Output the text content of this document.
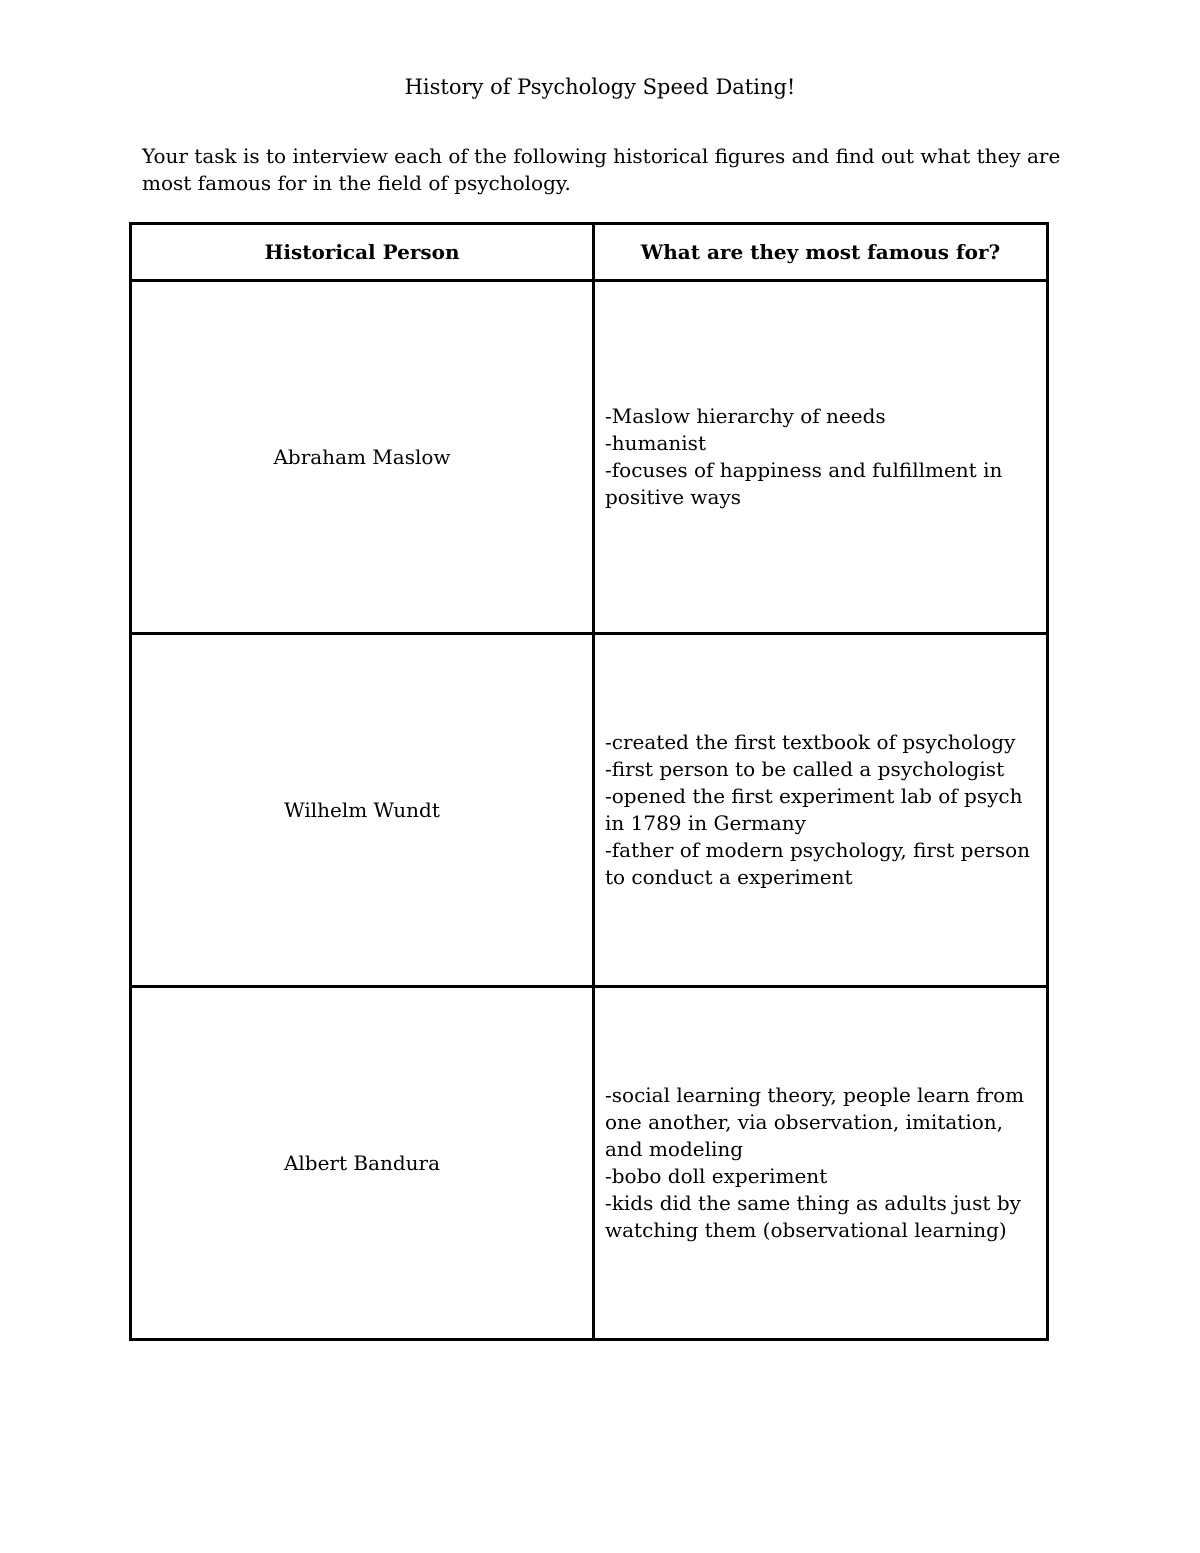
History of Psychology Speed Dating!

Your task is to interview each of the following historical figures and find out what they are most famous for in the field of psychology.

Historical Person	What are they most famous for?
Abraham Maslow	-Maslow hierarchy of needs
-humanist
-focuses of happiness and fulfillment in positive ways

Wilhelm Wundt	-created the first textbook of psychology
-first person to be called a psychologist
-opened the first experiment lab of psych in 1789 in Germany
-father of modern psychology, first person to conduct a experiment

Albert Bandura	-social learning theory, people learn from one another, via observation, imitation, and modeling
-bobo doll experiment
-kids did the same thing as adults just by watching them (observational learning)
